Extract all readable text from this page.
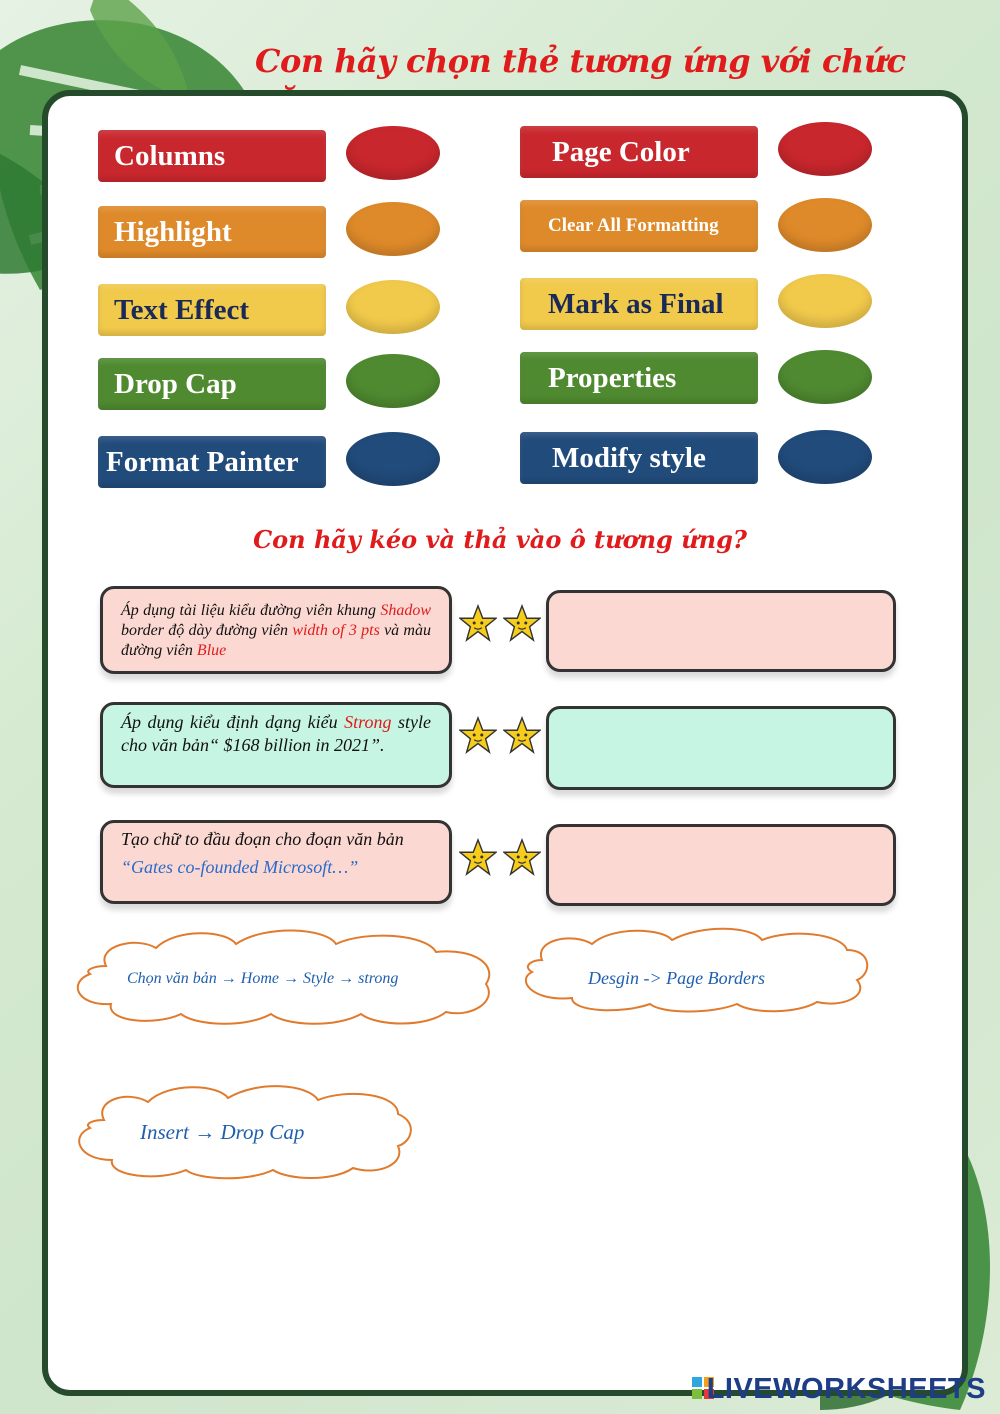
Con hãy chọn thẻ tương ứng với chức
Columns
Highlight
Text Effect
Drop Cap
Format Painter
Page Color
Clear All Formatting
Mark as Final
Properties
Modify style
Con hãy kéo và thả vào ô tương ứng?
Áp dụng tài liệu kiểu đường viên khung Shadow border độ dày đường viên width of 3 pts và màu đường viên Blue
Áp dụng kiểu định dạng kiểu Strong style cho văn bản“ $168 billion in 2021”.
Tạo chữ to đầu đoạn cho đoạn văn bản
“Gates co-founded Microsoft…”
Chọn văn bản → Home → Style → strong	Desgin -> Page Borders
Insert → Drop Cap
LIVEWORKSHEETS
